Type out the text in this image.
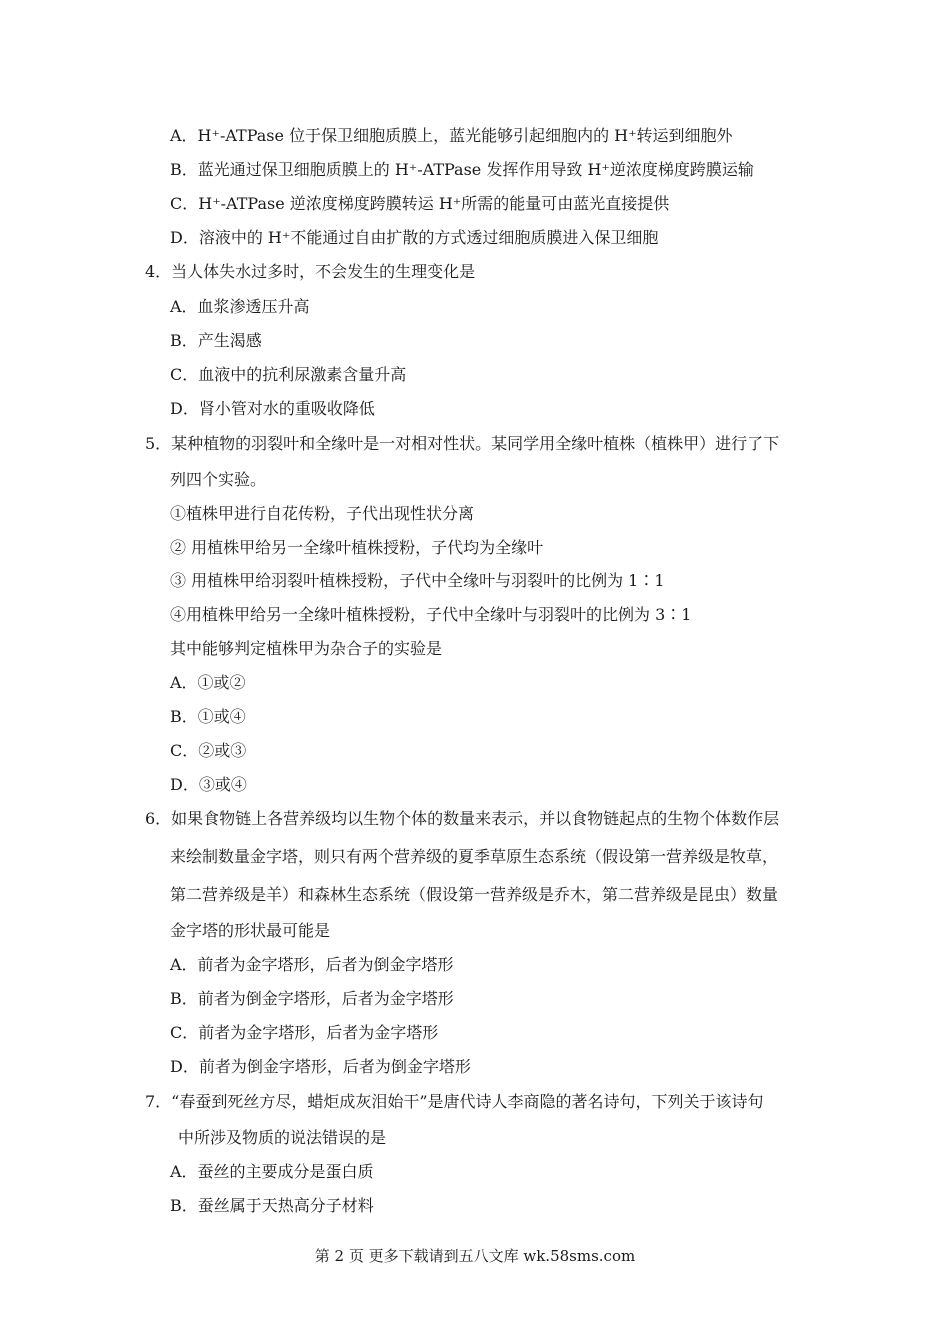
A．H⁺-ATPase 位于保卫细胞质膜上，蓝光能够引起细胞内的 H⁺转运到细胞外
B．蓝光通过保卫细胞质膜上的 H⁺-ATPase 发挥作用导致 H⁺逆浓度梯度跨膜运输
C．H⁺-ATPase 逆浓度梯度跨膜转运 H⁺所需的能量可由蓝光直接提供
D．溶液中的 H⁺不能通过自由扩散的方式透过细胞质膜进入保卫细胞
4．当人体失水过多时，不会发生的生理变化是
A．血浆渗透压升高
B．产生渴感
C．血液中的抗利尿激素含量升高
D．肾小管对水的重吸收降低
5．某种植物的羽裂叶和全缘叶是一对相对性状。某同学用全缘叶植株（植株甲）进行了下
列四个实验。
①植株甲进行自花传粉，子代出现性状分离
② 用植株甲给另一全缘叶植株授粉，子代均为全缘叶
③ 用植株甲给羽裂叶植株授粉，子代中全缘叶与羽裂叶的比例为 1∶1
④用植株甲给另一全缘叶植株授粉，子代中全缘叶与羽裂叶的比例为 3∶1
其中能够判定植株甲为杂合子的实验是
A．①或②
B．①或④
C．②或③
D．③或④
6．如果食物链上各营养级均以生物个体的数量来表示，并以食物链起点的生物个体数作层
来绘制数量金字塔，则只有两个营养级的夏季草原生态系统（假设第一营养级是牧草，
第二营养级是羊）和森林生态系统（假设第一营养级是乔木，第二营养级是昆虫）数量
金字塔的形状最可能是
A．前者为金字塔形，后者为倒金字塔形
B．前者为倒金字塔形，后者为金字塔形
C．前者为金字塔形，后者为金字塔形
D．前者为倒金字塔形，后者为倒金字塔形
7．“春蚕到死丝方尽，蜡炬成灰泪始干”是唐代诗人李商隐的著名诗句，下列关于该诗句
中所涉及物质的说法错误的是
A．蚕丝的主要成分是蛋白质
B．蚕丝属于天热高分子材料
第 2 页 更多下载请到五八文库 wk.58sms.com
